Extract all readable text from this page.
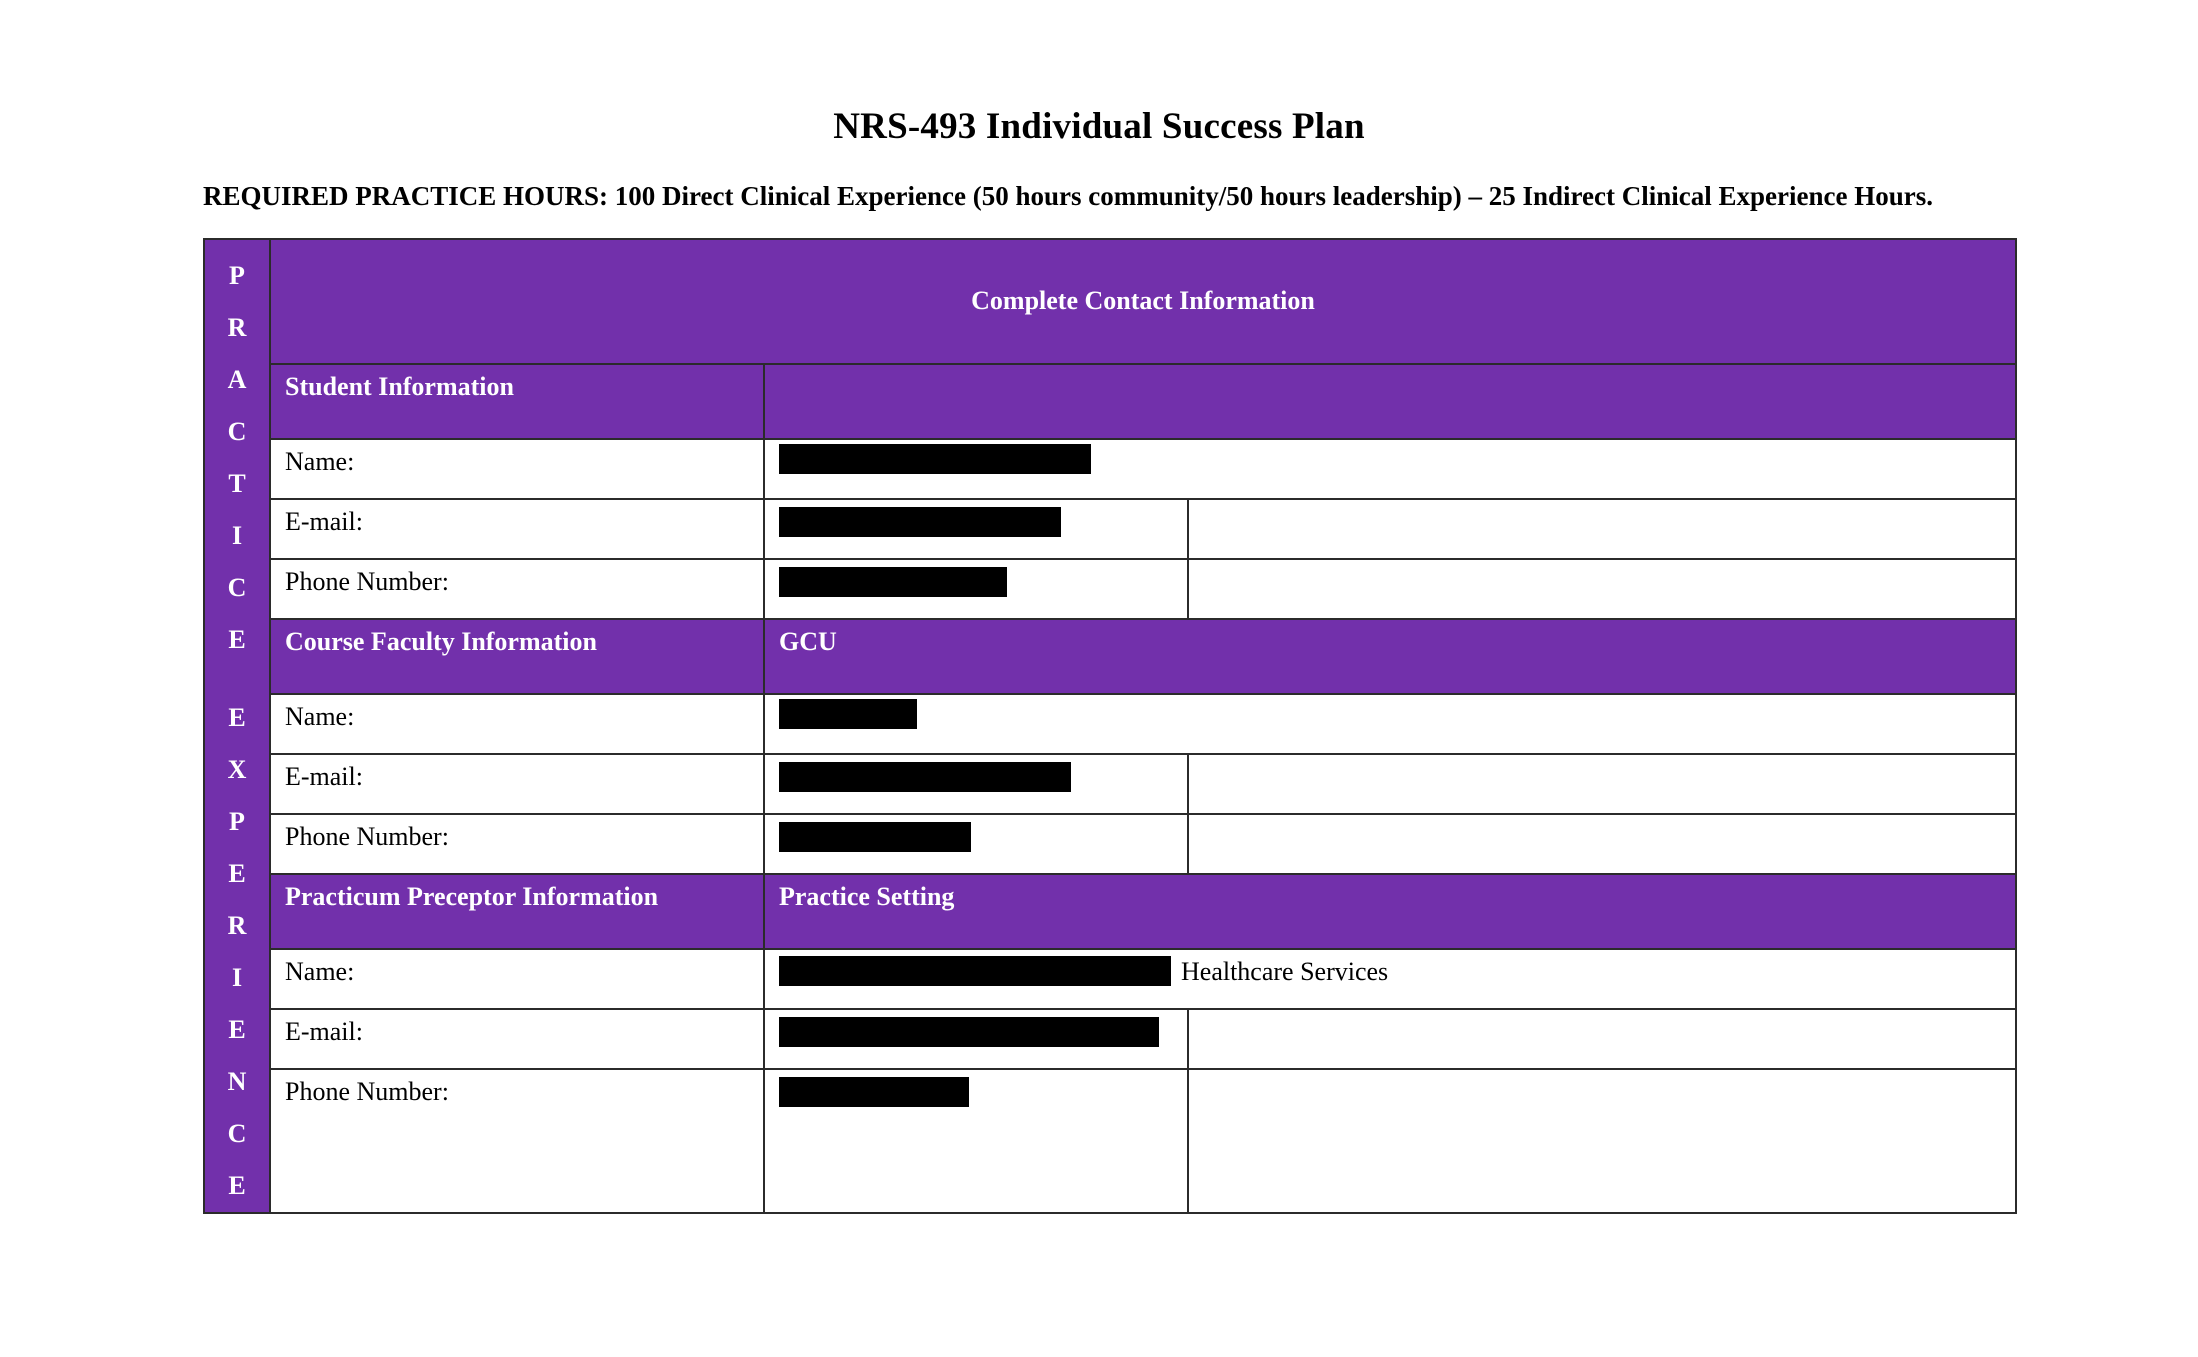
NRS-493 Individual Success Plan

REQUIRED PRACTICE HOURS: 100 Direct Clinical Experience (50 hours community/50 hours leadership) – 25 Indirect Clinical Experience Hours.

P
R
A
C
T
I
C
E
E
X
P
E
R
I
E
N
C
E
	Complete Contact Information
	Student Information		
	Name:		

	E-mail:		
	Phone Number:		
	Course Faculty Information	GCU	
	Name:		

	E-mail:		
	Phone Number:		
	Practicum Preceptor Information	Practice Setting	
	Name:	Healthcare Services	

	E-mail:		
	Phone Number:		
